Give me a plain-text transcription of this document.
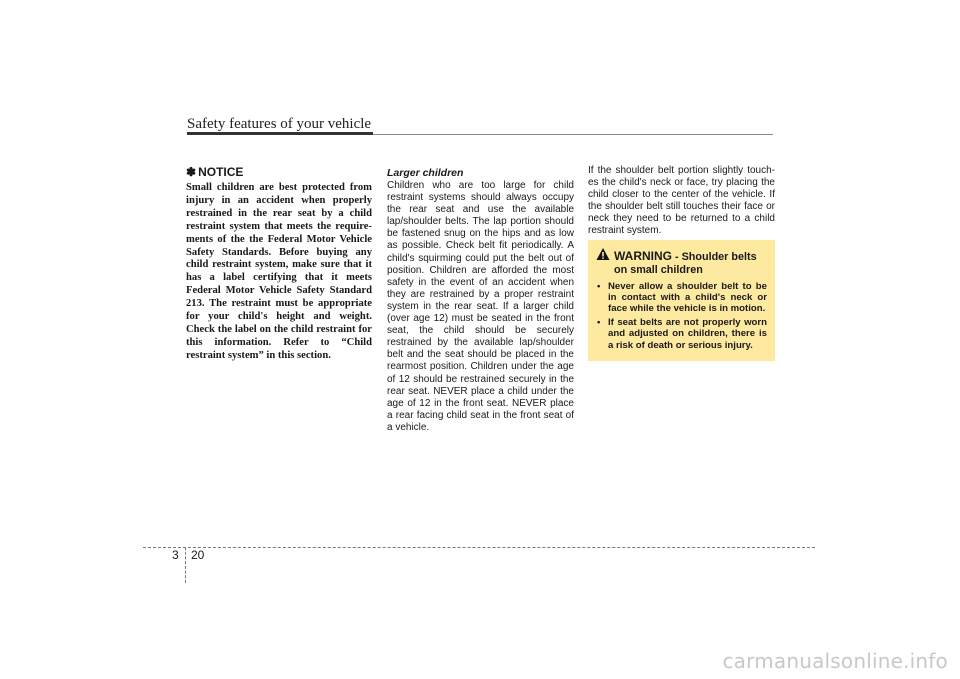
Safety features of your vehicle
✽ NOTICE

Small children are best protected from injury in an accident when properly restrained in the rear seat by a child restraint system that meets the require-ments of the the Federal Motor Vehicle Safety Standards. Before buying any child restraint system, make sure that it has a label certifying that it meets Federal Motor Vehicle Safety Standard 213. The restraint must be appropriate for your child's height and weight. Check the label on the child restraint for this information. Refer to “Child restraint system” in this section.

Larger children

Children who are too large for child restraint systems should always occupy the rear seat and use the available lap/shoulder belts. The lap portion should be fastened snug on the hips and as low as possible. Check belt fit periodically. A child's squirming could put the belt out of position. Children are afforded the most safety in the event of an accident when they are restrained by a proper restraint system in the rear seat. If a larger child (over age 12) must be seated in the front seat, the child should be securely restrained by the available lap/shoulder belt and the seat should be placed in the rearmost position. Children under the age of 12 should be restrained securely in the rear seat. NEVER place a child under the age of 12 in the front seat. NEVER place a rear facing child seat in the front seat of a vehicle.

If the shoulder belt portion slightly touch-es the child's neck or face, try placing the child closer to the center of the vehicle. If the shoulder belt still touches their face or neck they need to be returned to a child restraint system.

WARNING - Shoulder belts
on small children
• Never allow a shoulder belt to be in contact with a child's neck or face while the vehicle is in motion.
• If seat belts are not properly worn and adjusted on children, there is a risk of death or serious injury.
3 20
carmanualsonline.info
